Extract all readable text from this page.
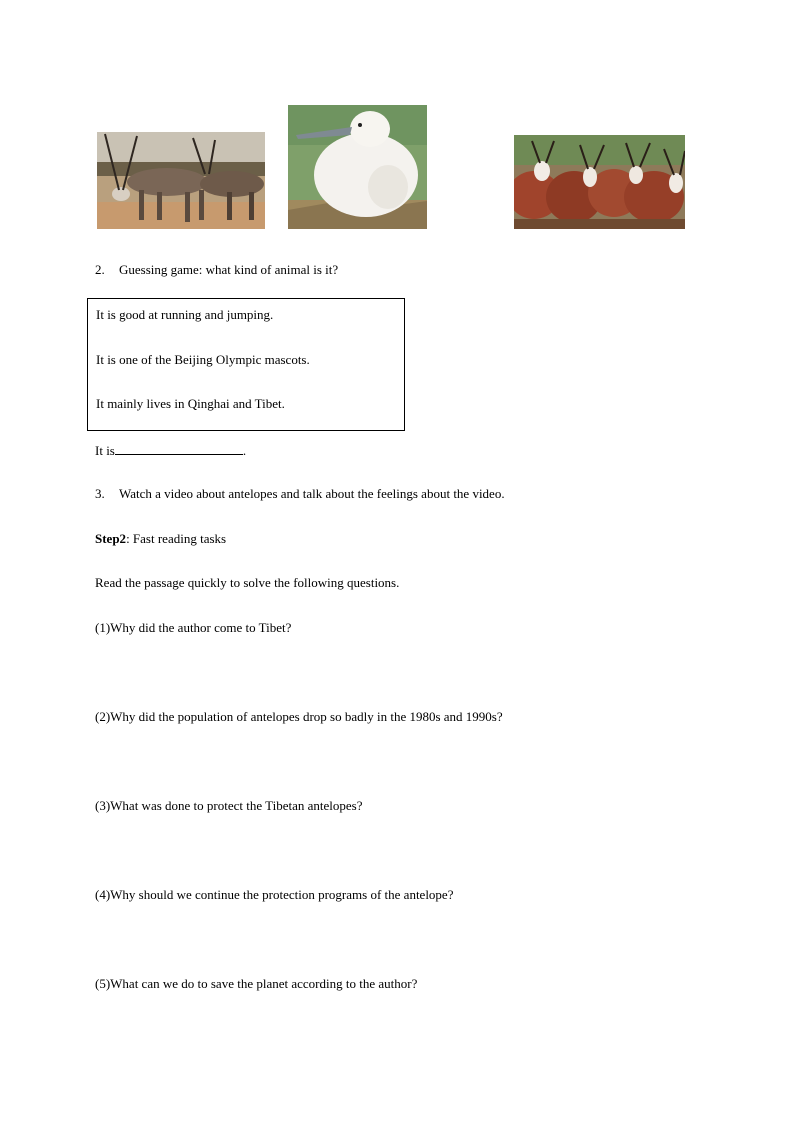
2. Guessing game: what kind of animal is it?
It is good at running and jumping.
It is one of the Beijing Olympic mascots.
It mainly lives in Qinghai and Tibet.
It is	.
3. Watch a video about antelopes and talk about the feelings about the video.
Step2: Fast reading tasks
Read the passage quickly to solve the following questions.
(1)Why did the author come to Tibet?
(2)Why did the population of antelopes drop so badly in the 1980s and 1990s?
(3)What was done to protect the Tibetan antelopes?
(4)Why should we continue the protection programs of the antelope?
(5)What can we do to save the planet according to the author?
